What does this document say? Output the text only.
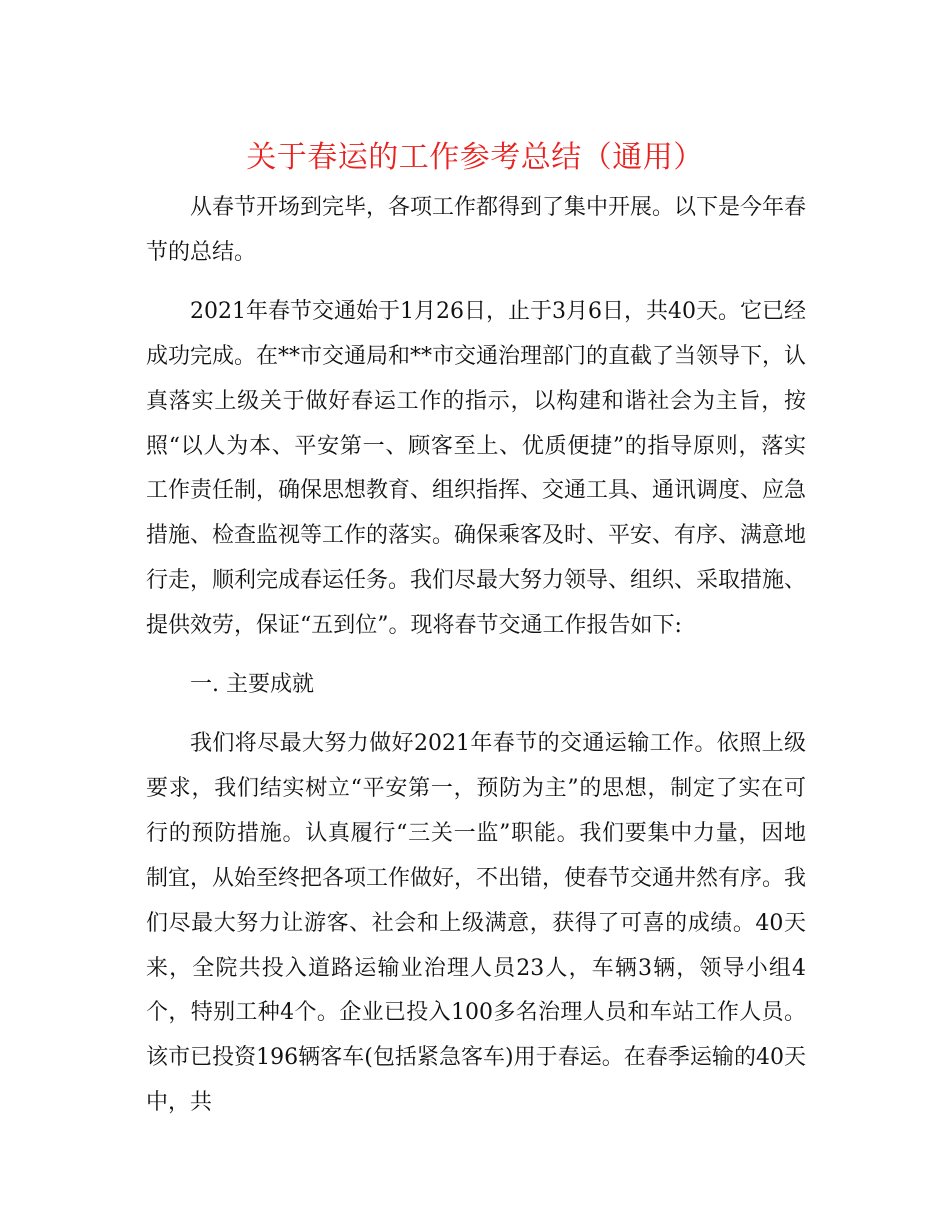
关于春运的工作参考总结（通用）

从春节开场到完毕，各项工作都得到了集中开展。以下是今年春节的总结。

2021年春节交通始于1月26日，止于3月6日，共40天。它已经成功完成。在**市交通局和**市交通治理部门的直截了当领导下，认真落实上级关于做好春运工作的指示，以构建和谐社会为主旨，按照“以人为本、平安第一、顾客至上、优质便捷”的指导原则，落实工作责任制，确保思想教育、组织指挥、交通工具、通讯调度、应急措施、检查监视等工作的落实。确保乘客及时、平安、有序、满意地行走，顺利完成春运任务。我们尽最大努力领导、组织、采取措施、提供效劳，保证“五到位”。现将春节交通工作报告如下:

一. 主要成就

我们将尽最大努力做好2021年春节的交通运输工作。依照上级要求，我们结实树立“平安第一，预防为主”的思想，制定了实在可行的预防措施。认真履行“三关一监”职能。我们要集中力量，因地制宜，从始至终把各项工作做好，不出错，使春节交通井然有序。我们尽最大努力让游客、社会和上级满意，获得了可喜的成绩。40天来，全院共投入道路运输业治理人员23人，车辆3辆，领导小组4个，特别工种4个。企业已投入100多名治理人员和车站工作人员。该市已投资196辆客车(包括紧急客车)用于春运。在春季运输的40天中，共
